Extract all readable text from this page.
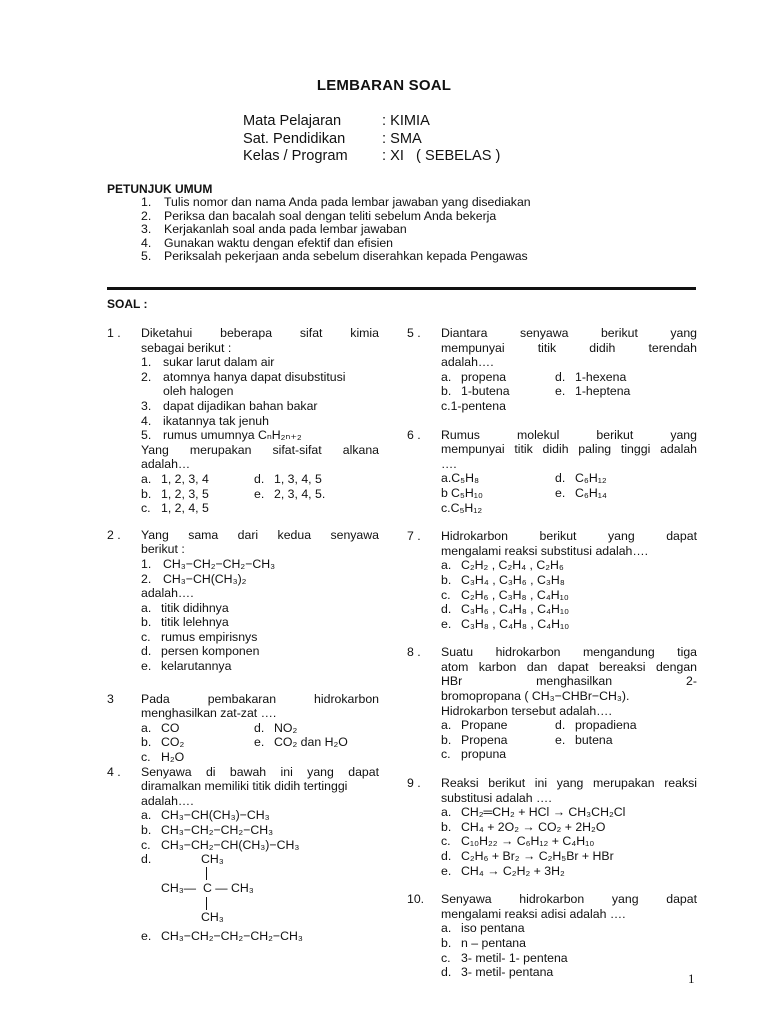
LEMBARAN SOAL
Mata Pelajaran	: KIMIA
Sat. Pendidikan	: SMA
Kelas / Program	: XI   ( SEBELAS )
PETUNJUK UMUM
1.	Tulis nomor dan nama Anda pada lembar jawaban yang disediakan
2.	Periksa dan bacalah soal dengan teliti sebelum Anda bekerja
3.	Kerjakanlah soal anda pada lembar jawaban
4.	Gunakan waktu dengan efektif dan efisien
5.	Periksalah pekerjaan anda sebelum diserahkan kepada Pengawas
SOAL :
1 . Diketahui beberapa sifat kimia
sebagai berikut :
1. sukar larut dalam air
2. atomnya hanya dapat disubstitusi
oleh halogen
3. dapat dijadikan bahan bakar
4. ikatannya tak jenuh
5. rumus umumnya CₙH₂ₙ₊₂
Yang merupakan sifat-sifat alkana
adalah…
a. 1, 2, 3, 4	d. 1, 3, 4, 5
b. 1, 2, 3, 5	e. 2, 3, 4, 5.
c. 1, 2, 4, 5
2 . Yang sama dari kedua senyawa
berikut :
1. CH₃−CH₂−CH₂−CH₃
2. CH₃−CH(CH₃)₂
adalah….
a. titik didihnya
b. titik lelehnya
c. rumus empirisnys
d. persen komponen
e. kelarutannya
3 Pada pembakaran hidrokarbon
menghasilkan zat-zat ….
a. CO	d. NO₂
b. CO₂	e. CO₂ dan H₂O
c. H₂O
4 . Senyawa di bawah ini yang dapat
diramalkan memiliki titik didih tertinggi
adalah….
a. CH₃−CH(CH₃)−CH₃
b. CH₃−CH₂−CH₂−CH₃
c. CH₃−CH₂−CH(CH₃)−CH₃
d.	CH₃
CH₃— C — CH₃
CH₃
e. CH₃−CH₂−CH₂−CH₂−CH₃
5 . Diantara senyawa berikut yang
mempunyai titik didih terendah
adalah….
a. propena	d. 1-hexena
b. 1-butena	e. 1-heptena
c.1-pentena
6 . Rumus molekul berikut yang
mempunyai titik didih paling tinggi adalah
….
a. C₅H₈	d. C₆H₁₂
b C₅H₁₀	e. C₆H₁₄
c.C₅H₁₂
7 . Hidrokarbon berikut yang dapat
mengalami reaksi substitusi adalah….
a. C₂H₂ , C₂H₄ , C₂H₆
b. C₃H₄ , C₃H₆ , C₃H₈
c. C₂H₆ , C₃H₈ , C₄H₁₀
d. C₃H₆ , C₄H₈ , C₄H₁₀
e. C₃H₈ , C₄H₈ , C₄H₁₀
8 . Suatu hidrokarbon mengandung tiga
atom karbon dan dapat bereaksi dengan
HBr	menghasilkan	2-
bromopropana ( CH₃−CHBr−CH₃).
Hidrokarbon tersebut adalah….
a. Propane	d. propadiena
b. Propena	e. butena
c. propuna
9 . Reaksi berikut ini yang merupakan reaksi
substitusi adalah ….
a. CH₂═CH₂ + HCl → CH₃CH₂Cl
b. CH₄ + 2O₂ → CO₂ + 2H₂O
c. C₁₀H₂₂ → C₆H₁₂ + C₄H₁₀
d. C₂H₆ + Br₂ → C₂H₅Br + HBr
e. CH₄ → C₂H₂ + 3H₂
10. Senyawa hidrokarbon yang dapat
mengalami reaksi adisi adalah ….
a. iso pentana
b. n – pentana
c. 3- metil- 1- pentena
d. 3- metil- pentana	1
